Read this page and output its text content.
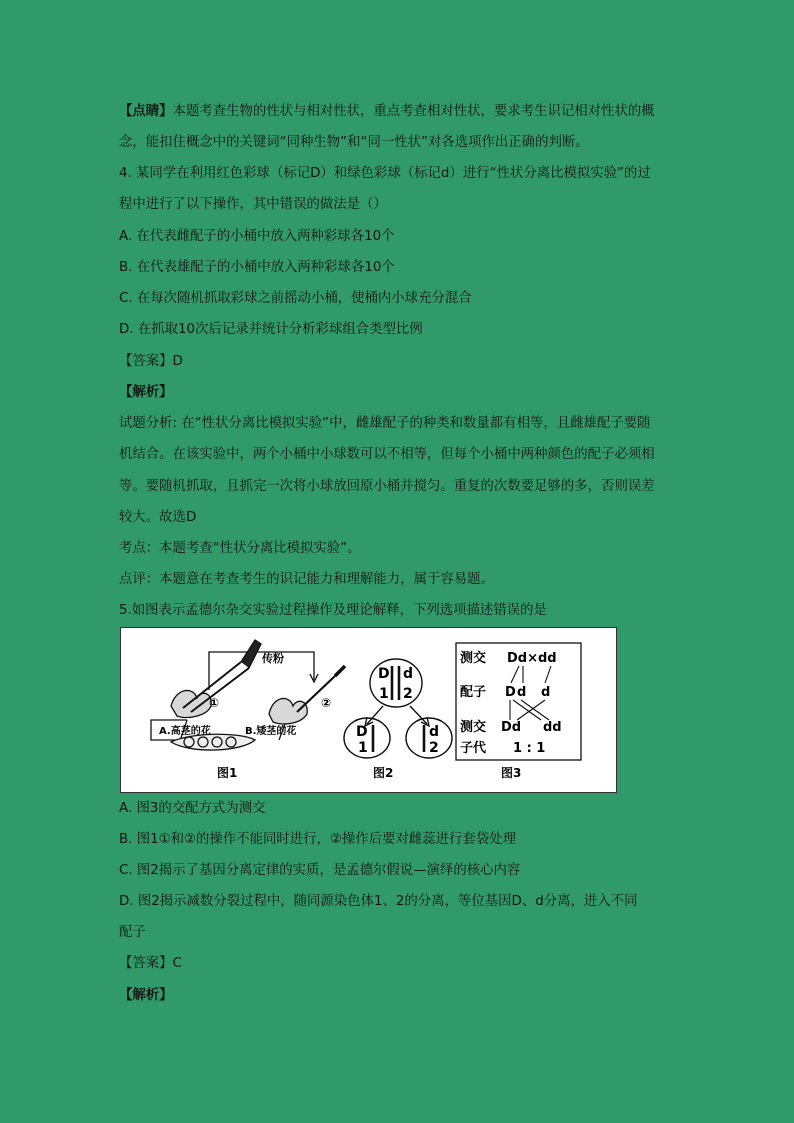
【点睛】本题考查生物的性状与相对性状，重点考查相对性状，要求考生识记相对性状的概
念，能扣住概念中的关键词“同种生物”和“同一性状”对各选项作出正确的判断。
4. 某同学在利用红色彩球（标记D）和绿色彩球（标记d）进行“性状分离比模拟实验”的过
程中进行了以下操作，其中错误的做法是（）
A. 在代表雌配子的小桶中放入两种彩球各10个
B. 在代表雄配子的小桶中放入两种彩球各10个
C. 在每次随机抓取彩球之前摇动小桶，使桶内小球充分混合
D. 在抓取10次后记录并统计分析彩球组合类型比例
【答案】D
【解析】
试题分析: 在“性状分离比模拟实验”中，雌雄配子的种类和数量都有相等，且雌雄配子要随
机结合。在该实验中，两个小桶中小球数可以不相等，但每个小桶中两种颜色的配子必须相
等。要随机抓取，且抓完一次将小球放回原小桶并搅匀。重复的次数要足够的多，否则误差
较大。故选D
考点：本题考查“性状分离比模拟实验”。
点评：本题意在考查考生的识记能力和理解能力，属于容易题。
5.如图表示孟德尔杂交实验过程操作及理论解释，下列选项描述错误的是
传粉
①	②
A.高茎的花	B.矮茎的花
图1
D d
1 2
D
1
d
2
图2
测交 Dd×dd
配子 D d d
测交 Dd dd
子代 1 : 1
图3
A. 图3的交配方式为测交
B. 图1①和②的操作不能同时进行，②操作后要对雌蕊进行套袋处理
C. 图2揭示了基因分离定律的实质，是孟德尔假说—演绎的核心内容
D. 图2揭示减数分裂过程中，随同源染色体1、2的分离，等位基因D、d分离，进入不同
配子
【答案】C
【解析】
